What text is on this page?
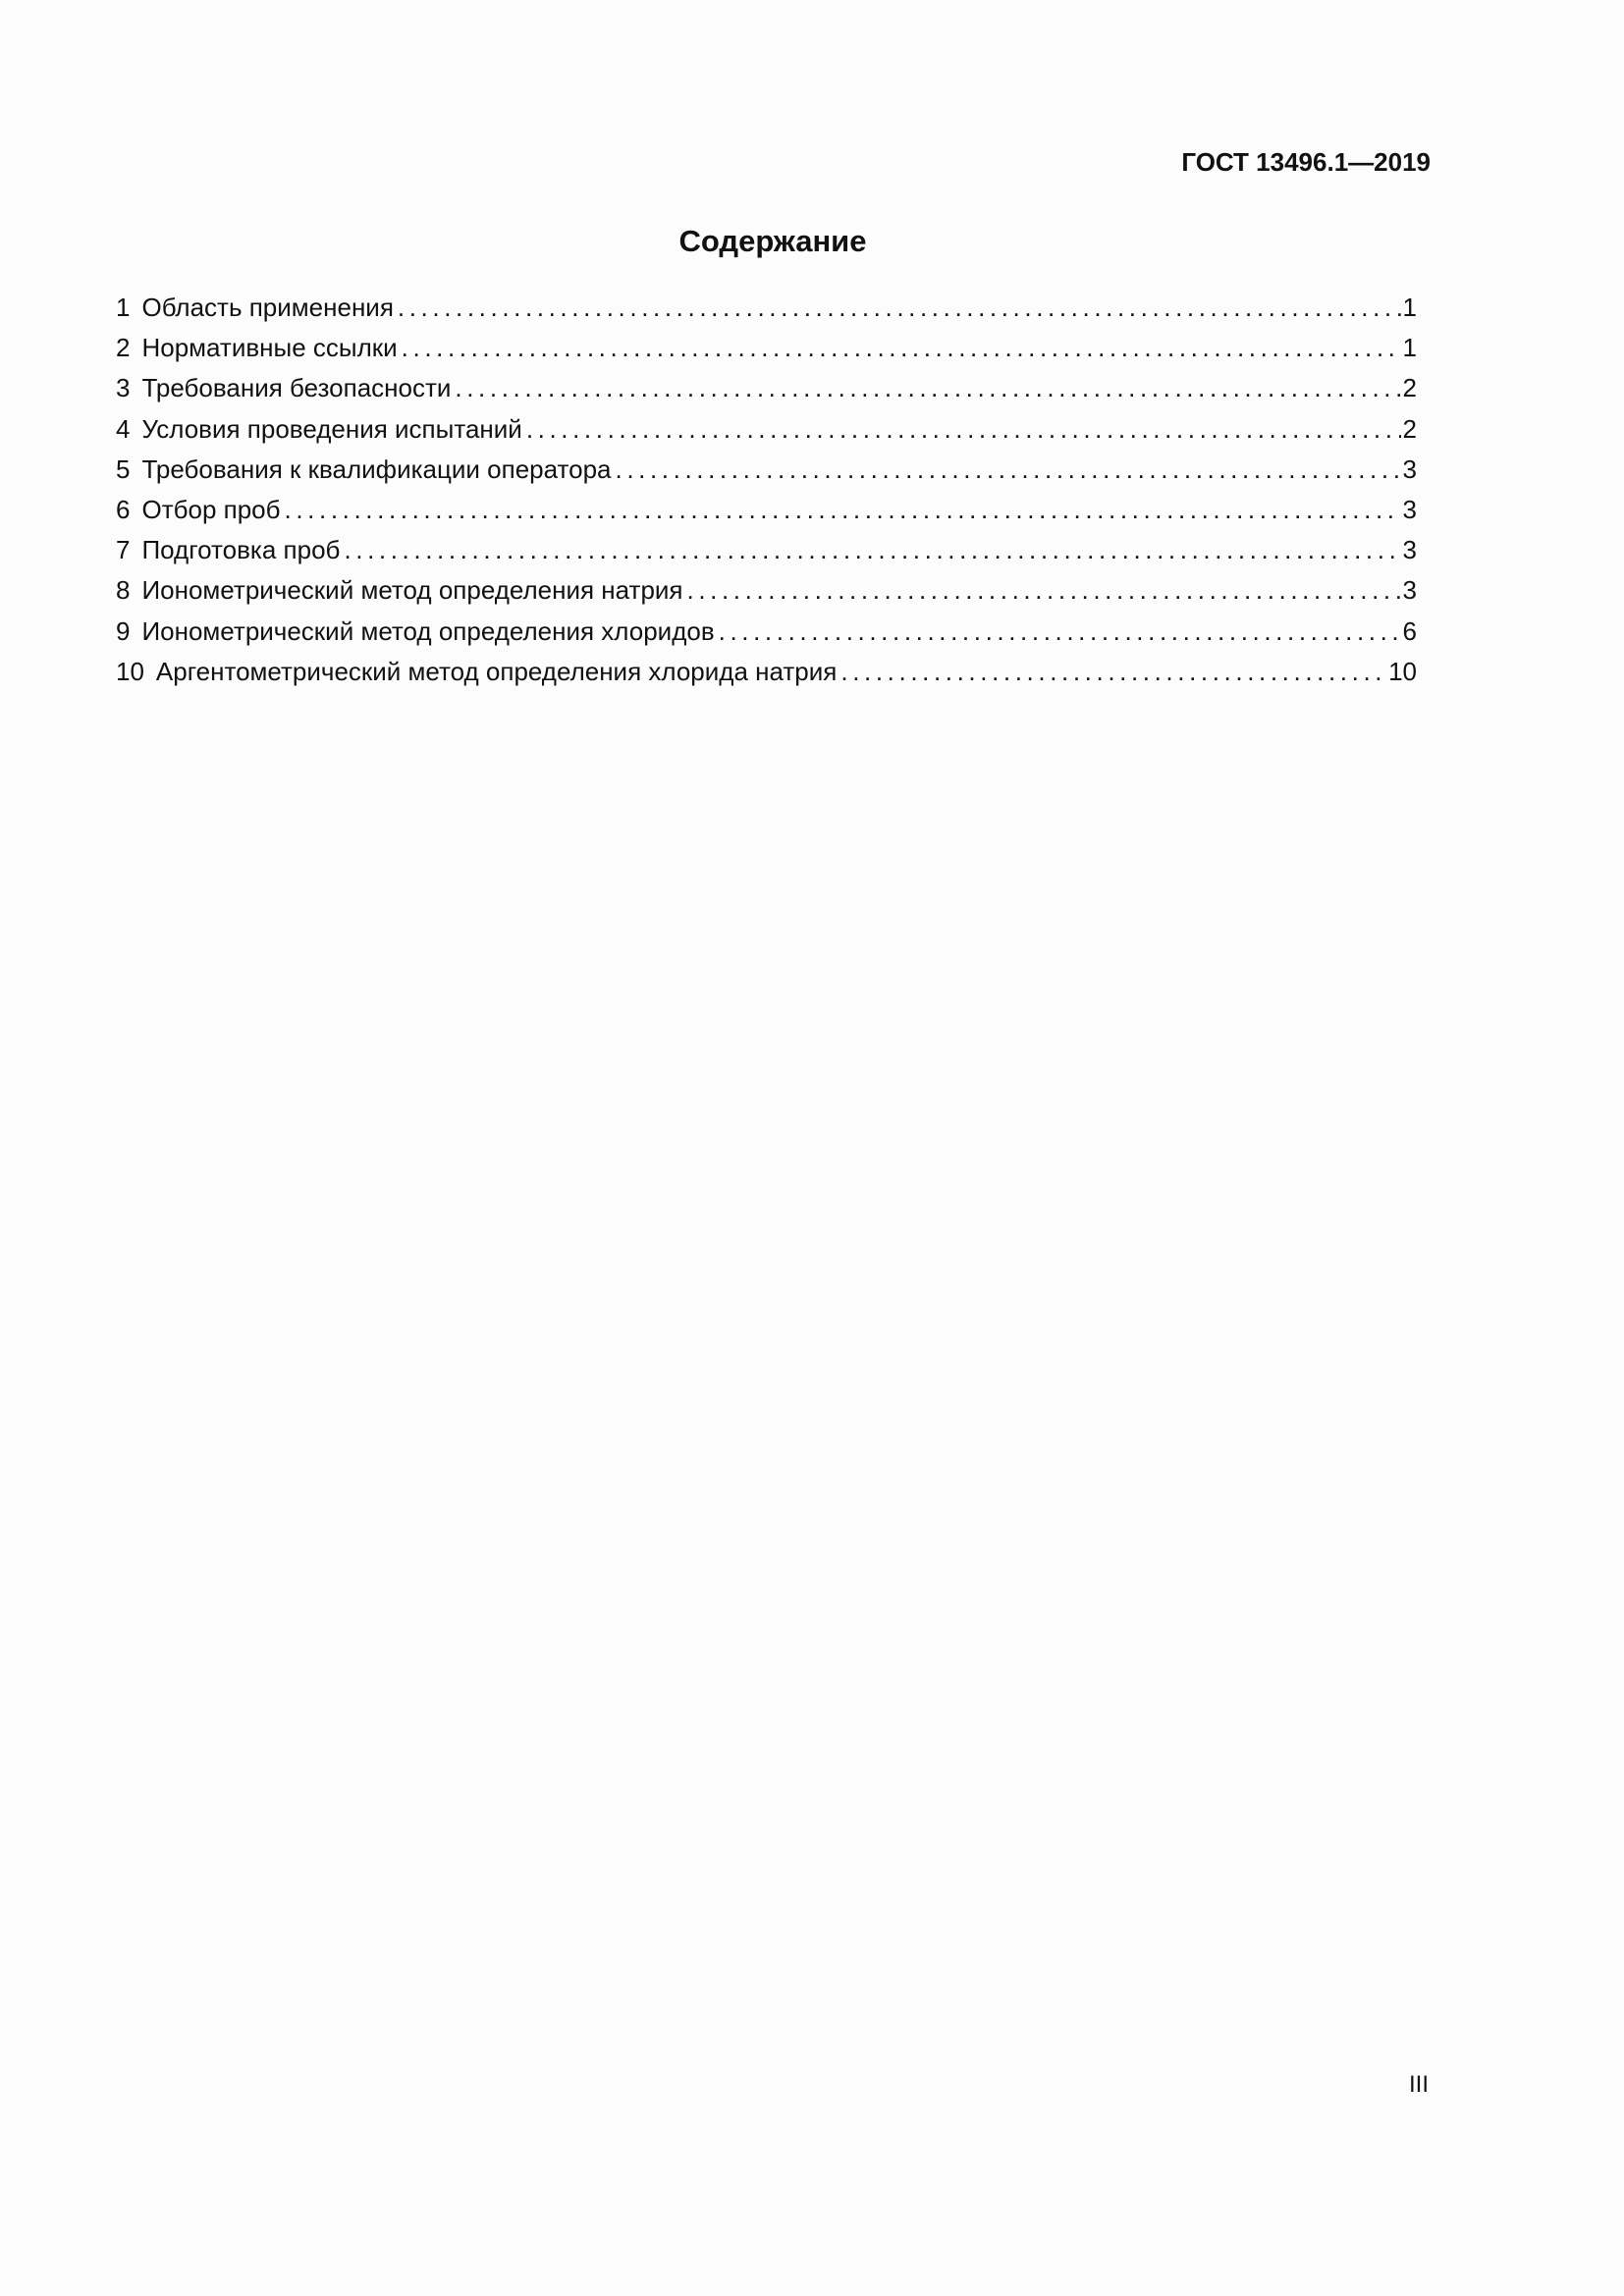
ГОСТ 13496.1—2019
Содержание
1 Область применения .....	1
2 Нормативные ссылки .....	1
3 Требования безопасности .....	2
4 Условия проведения испытаний .....	2
5 Требования к квалификации оператора .....	3
6 Отбор проб .....	3
7 Подготовка проб .....	3
8 Ионометрический метод определения натрия .....	3
9 Ионометрический метод определения хлоридов .....	6
10 Аргентометрический метод определения хлорида натрия .....	10
III
